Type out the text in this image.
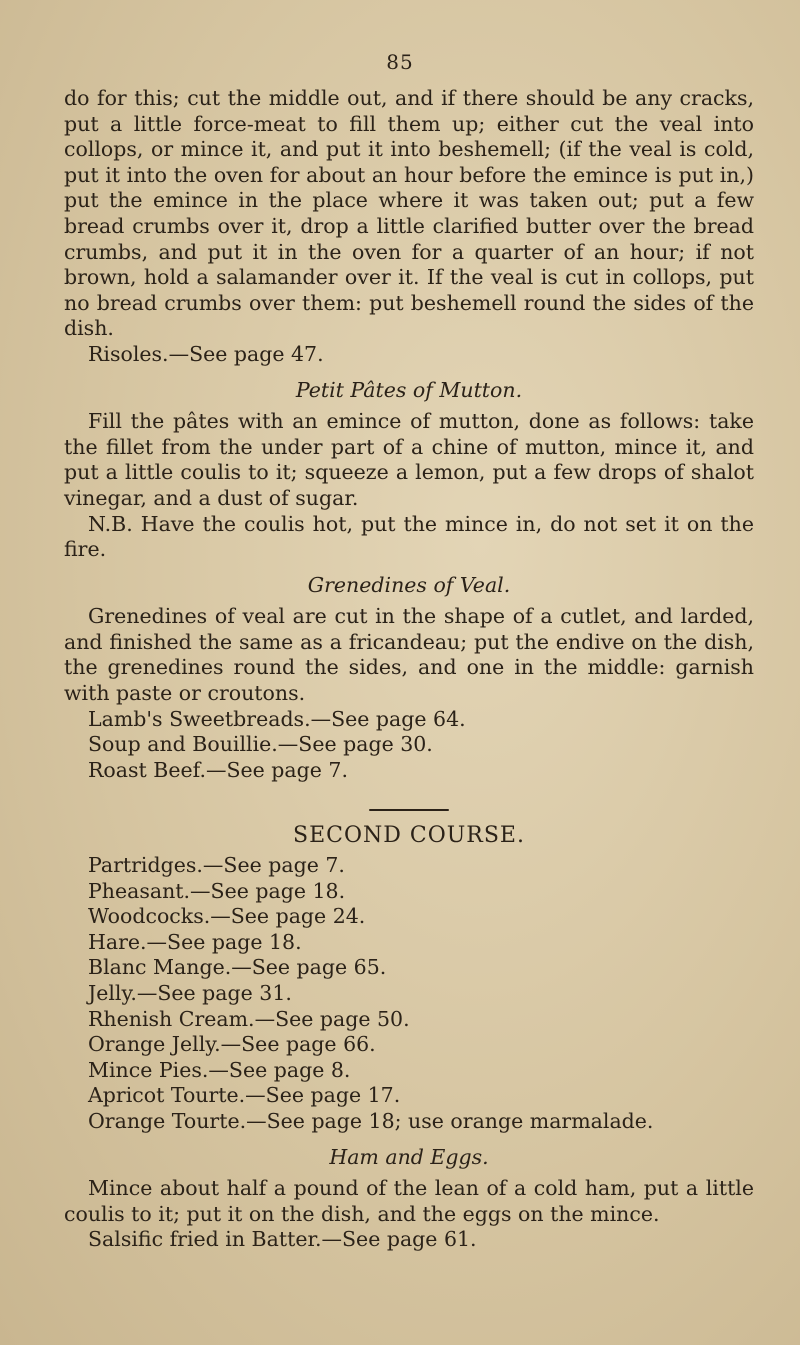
85

do for this; cut the middle out, and if there should be any cracks, put a little force-meat to fill them up; either cut the veal into collops, or mince it, and put it into beshemell; (if the veal is cold, put it into the oven for about an hour before the emince is put in,) put the emince in the place where it was taken out; put a few bread crumbs over it, drop a little clarified butter over the bread crumbs, and put it in the oven for a quarter of an hour; if not brown, hold a salamander over it. If the veal is cut in collops, put no bread crumbs over them: put beshemell round the sides of the dish.

Risoles.—See page 47.

Petit Pâtes of Mutton.

Fill the pâtes with an emince of mutton, done as follows: take the fillet from the under part of a chine of mutton, mince it, and put a little coulis to it; squeeze a lemon, put a few drops of shalot vinegar, and a dust of sugar.

N.B. Have the coulis hot, put the mince in, do not set it on the fire.

Grenedines of Veal.

Grenedines of veal are cut in the shape of a cutlet, and larded, and finished the same as a fricandeau; put the endive on the dish, the grenedines round the sides, and one in the middle: garnish with paste or croutons.

Lamb's Sweetbreads.—See page 64.

Soup and Bouillie.—See page 30.

Roast Beef.—See page 7.

SECOND COURSE.

Partridges.—See page 7.
Pheasant.—See page 18.
Woodcocks.—See page 24.
Hare.—See page 18.
Blanc Mange.—See page 65.
Jelly.—See page 31.
Rhenish Cream.—See page 50.
Orange Jelly.—See page 66.
Mince Pies.—See page 8.
Apricot Tourte.—See page 17.
Orange Tourte.—See page 18; use orange marmalade.

Ham and Eggs.

Mince about half a pound of the lean of a cold ham, put a little coulis to it; put it on the dish, and the eggs on the mince.

Salsific fried in Batter.—See page 61.
